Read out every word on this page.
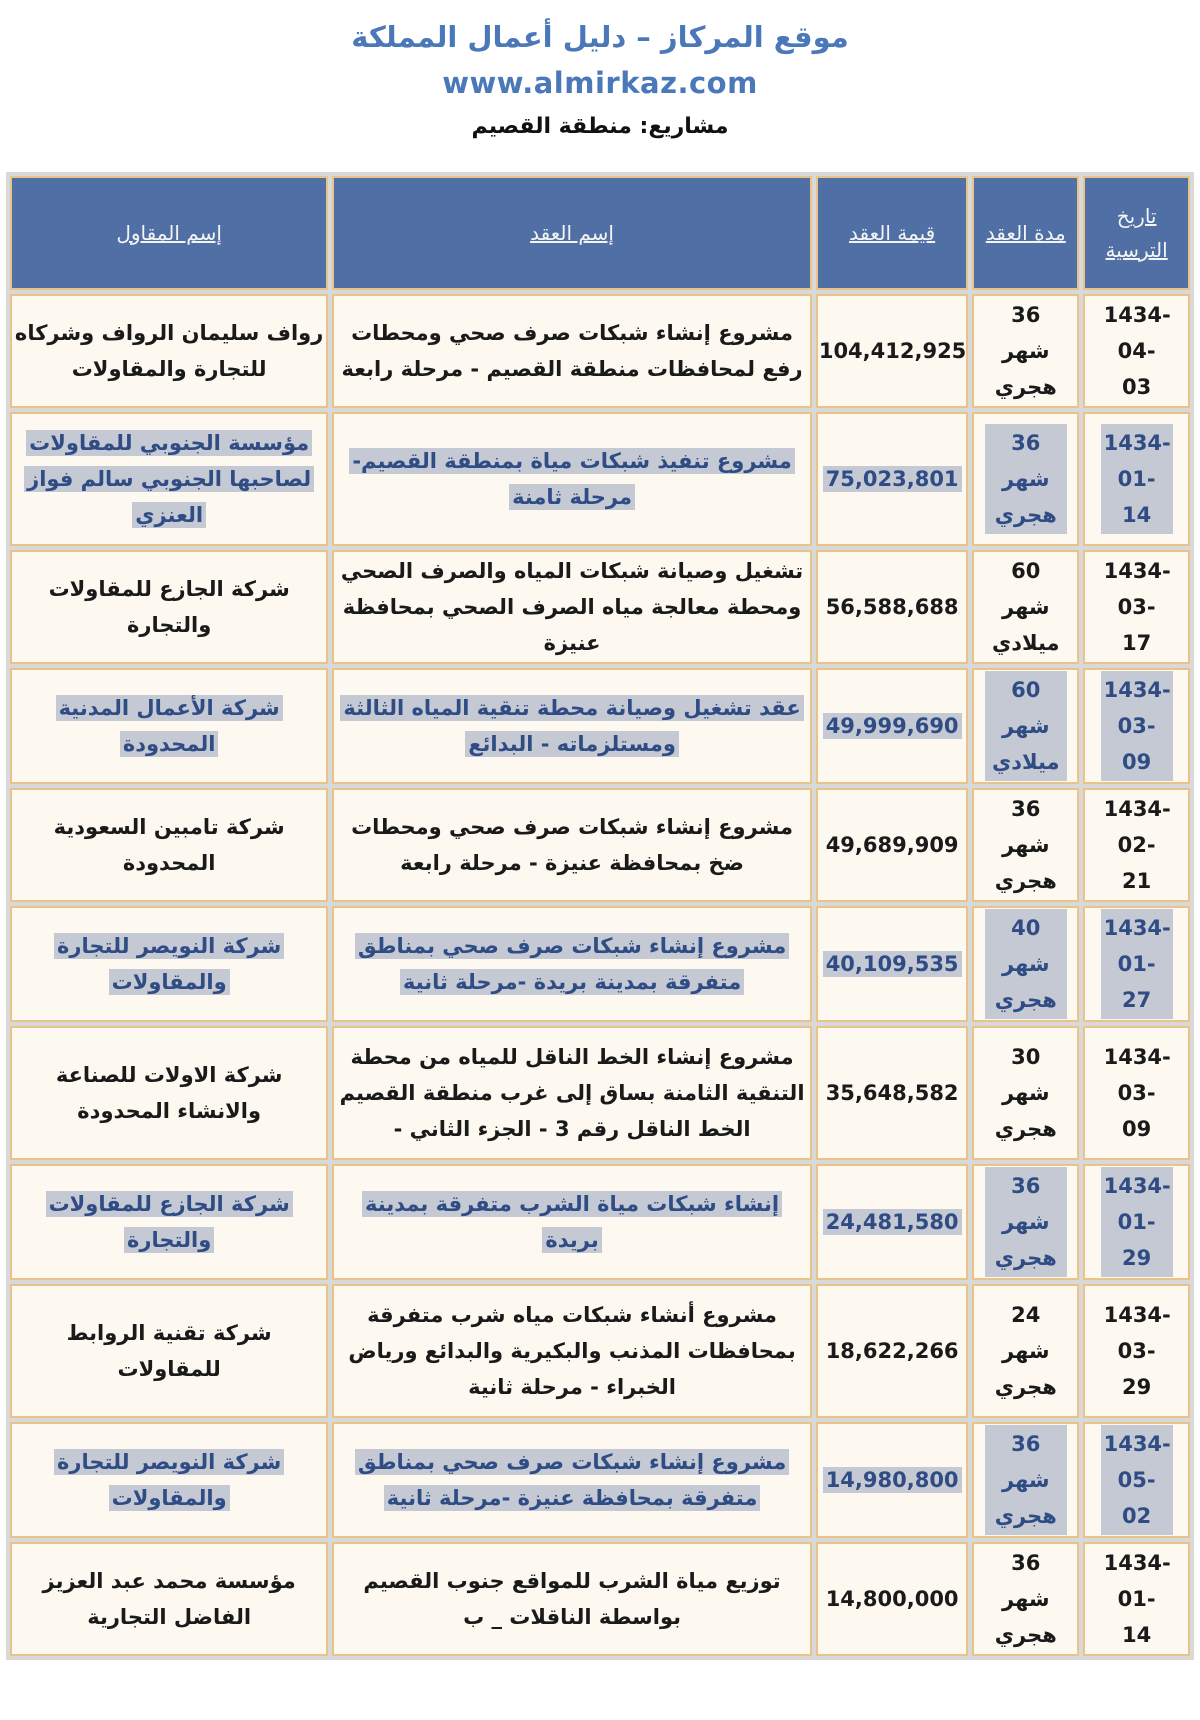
موقع المركاز – دليل أعمال المملكة
www.almirkaz.com
مشاريع: منطقة القصيم
تاريخ الترسية	مدة العقد	قيمة العقد	إسم العقد	إسم المقاول
1434-04-03	36 شهر هجري	104,412,925	مشروع إنشاء شبكات صرف صحي ومحطات رفع لمحافظات منطقة القصيم - مرحلة رابعة	رواف سليمان الرواف وشركاه للتجارة والمقاولات
1434-01-14	36 شهر هجري	75,023,801	مشروع تنفيذ شبكات مياة بمنطقة القصيم-مرحلة ثامنة	مؤسسة الجنوبي للمقاولات لصاحبها الجنوبي سالم فواز العنزي
1434-03-17	60 شهر ميلادي	56,588,688	تشغيل وصيانة شبكات المياه والصرف الصحي ومحطة معالجة مياه الصرف الصحي بمحافظة عنيزة	شركة الجازع للمقاولات والتجارة
1434-03-09	60 شهر ميلادي	49,999,690	عقد تشغيل وصيانة محطة تنقية المياه الثالثة ومستلزماته - البدائع	شركة الأعمال المدنية المحدودة
1434-02-21	36 شهر هجري	49,689,909	مشروع إنشاء شبكات صرف صحي ومحطات ضخ بمحافظة عنيزة - مرحلة رابعة	شركة تامبين السعودية المحدودة
1434-01-27	40 شهر هجري	40,109,535	مشروع إنشاء شبكات صرف صحي بمناطق متفرقة بمدينة بريدة -مرحلة ثانية	شركة النويصر للتجارة والمقاولات
1434-03-09	30 شهر هجري	35,648,582	مشروع إنشاء الخط الناقل للمياه من محطة التنقية الثامنة بساق إلى غرب منطقة القصيم الخط الناقل رقم 3 - الجزء الثاني -	شركة الاولات للصناعة والانشاء المحدودة
1434-01-29	36 شهر هجري	24,481,580	إنشاء شبكات مياة الشرب متفرقة بمدينة بريدة	شركة الجازع للمقاولات والتجارة
1434-03-29	24 شهر هجري	18,622,266	مشروع أنشاء شبكات مياه شرب متفرقة بمحافظات المذنب والبكيرية والبدائع ورياض الخبراء - مرحلة ثانية	شركة تقنية الروابط للمقاولات
1434-05-02	36 شهر هجري	14,980,800	مشروع إنشاء شبكات صرف صحي بمناطق متفرقة بمحافظة عنيزة -مرحلة ثانية	شركة النويصر للتجارة والمقاولات
1434-01-14	36 شهر هجري	14,800,000	توزيع مياة الشرب للمواقع جنوب القصيم بواسطة الناقلات _ ب	مؤسسة محمد عبد العزيز الفاضل التجارية
